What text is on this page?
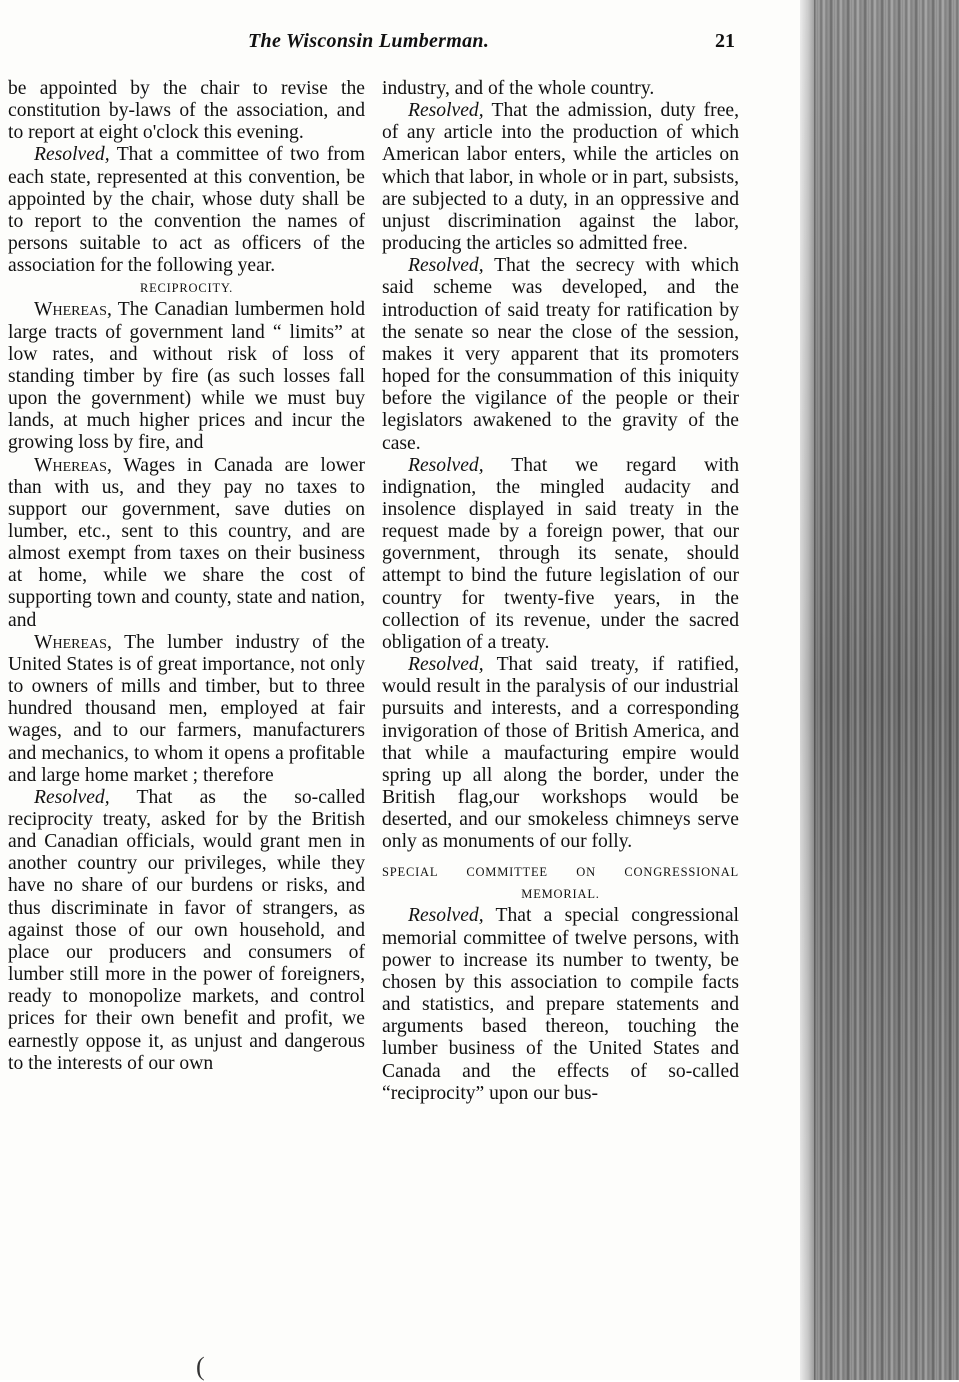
The Wisconsin Lumberman.	21

be appointed by the chair to revise the constitution by-laws of the association, and to report at eight o'clock this evening.

Resolved, That a committee of two from each state, represented at this convention, be appointed by the chair, whose duty shall be to report to the convention the names of persons suitable to act as officers of the association for the following year.

RECIPROCITY.

Whereas, The Canadian lumbermen hold large tracts of government land “ limits” at low rates, and without risk of loss of standing timber by fire (as such losses fall upon the government) while we must buy lands, at much higher prices and incur the growing loss by fire, and

Whereas, Wages in Canada are lower than with us, and they pay no taxes to support our government, save duties on lumber, etc., sent to this country, and are almost exempt from taxes on their business at home, while we share the cost of supporting town and county, state and nation, and

Whereas, The lumber industry of the United States is of great importance, not only to owners of mills and timber, but to three hundred thousand men, employed at fair wages, and to our farmers, manufacturers and mechanics, to whom it opens a profitable and large home market ; therefore

Resolved, That as the so-called reciprocity treaty, asked for by the British and Canadian officials, would grant men in another country our privileges, while they have no share of our burdens or risks, and thus discriminate in favor of strangers, as against those of our own household, and place our producers and consumers of lumber still more in the power of foreigners, ready to monopolize markets, and control prices for their own benefit and profit, we earnestly oppose it, as unjust and dangerous to the interests of our own

industry, and of the whole country.

Resolved, That the admission, duty free, of any article into the production of which American labor enters, while the articles on which that labor, in whole or in part, subsists, are subjected to a duty, in an oppressive and unjust discrimination against the labor, producing the articles so admitted free.

Resolved, That the secrecy with which said scheme was developed, and the introduction of said treaty for ratification by the senate so near the close of the session, makes it very apparent that its promoters hoped for the consummation of this iniquity before the vigilance of the people or their legislators awakened to the gravity of the case.

Resolved, That we regard with indignation, the mingled audacity and insolence displayed in said treaty in the request made by a foreign power, that our government, through its senate, should attempt to bind the future legislation of our country for twenty-five years, in the collection of its revenue, under the sacred obligation of a treaty.

Resolved, That said treaty, if ratified, would result in the paralysis of our industrial pursuits and interests, and a corresponding invigoration of those of British America, and that while a maufacturing empire would spring up all along the border, under the British flag,our workshops would be deserted, and our smokeless chimneys serve only as monuments of our folly.

SPECIAL COMMITTEE ON CONGRESSIONAL

MEMORIAL.

Resolved, That a special congressional memorial committee of twelve persons, with power to increase its number to twenty, be chosen by this association to compile facts and statistics, and prepare statements and arguments based thereon, touching the lumber business of the United States and Canada and the effects of so-called “reciprocity” upon our bus-

(
